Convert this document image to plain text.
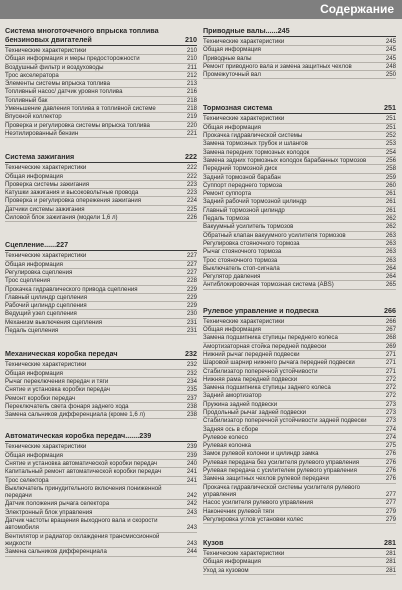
Содержание
Система многоточечного впрыска топлива бензиновых двигателей	210
Технические характеристики	210
Общая информация и меры предосторожности	210
Воздушный фильтр и воздуховоды	211
Трос акселератора	212
Элементы системы впрыска топлива	213
Топливный насос/ датчик уровня топлива	216
Топливный бак	218
Уменьшение давления топлива в топливной системе	218
Впускной коллектор	219
Проверка и регулировка системы впрыска топлива	220
Неэтилированный бензин	221
Система зажигания	222
Технические характеристики	222
Общая информация	222
Проверка системы зажигания	223
Катушки зажигания и высоковольтные провода	223
Проверка и регулировка опережения зажигания	224
Датчики системы зажигания	225
Силовой блок зажигания (модели 1,6 л)	226
Сцепление......227
Технические характеристики	227
Общая информация	227
Регулировка сцепления	227
Трос сцепления	228
Прокачка гидравлического привода сцепления	229
Главный цилиндр сцепления	229
Рабочий цилиндр сцепления	229
Ведущий узел сцепления	230
Механизм выключения сцепления	231
Педаль сцепления	231
Механическая коробка передач	232
Технические характеристики	232
Общая информация	232
Рычаг переключения передач и тяги	234
Снятие и установка коробки передач	235
Ремонт коробки передач	237
Переключатель света фонаря заднего хода	238
Замена сальников дифференциала (кроме 1,6 л)	238
Автоматическая коробка передач.......239
Технические характеристики	239
Общая информация	239
Снятие и установка автоматической коробки передач	240
Капитальный ремонт автоматической коробки передач	241
Трос селектора	241
Выключатель принудительного включения пониженной передачи	242
Датчик положения рычага селектора	242
Электронный блок управления	243
Датчик частоты вращения выходного вала и скорости автомобиля	243
Вентилятор и радиатор охлаждения трансмиссионной жидкости	243
Замена сальников дифференциала	244
Приводные валы......245
Технические характеристики	245
Общая информация	245
Приводные валы	245
Ремонт приводного вала и замена защитных чехлов	248
Промежуточный вал	250
Тормозная система	251
Технические характеристики	251
Общая информация	251
Прокачка гидравлической системы	252
Замена тормозных трубок и шлангов	253
Замена передних тормозных колодок	254
Замена задних тормозных колодок барабанных тормозов	256
Передний тормозной диск	258
Задний тормозной барабан	259
Суппорт переднего тормоза	260
Ремонт суппорта	261
Задний рабочий тормозной цилиндр	261
Главный тормозной цилиндр	261
Педаль тормоза	262
Вакуумный усилитель тормозов	262
Обратный клапан вакуумного усилителя тормозов	263
Регулировка стояночного тормоза	263
Рычаг стояночного тормоза	263
Трос стояночного тормоза	263
Выключатель стоп-сигнала	264
Регулятор давления	264
Антиблокировочная тормозная система (ABS)	265
Рулевое управление и подвеска	266
Технические характеристики	266
Общая информация	267
Замена подшипника ступицы переднего колеса	268
Амортизаторная стойка передней подвески	269
Нижний рычаг передней подвески	271
Шаровой шарнир нижнего рычага передней подвески	271
Стабилизатор поперечной устойчивости	271
Нижняя рама передней подвески	272
Замена подшипника ступицы заднего колеса	272
Задний амортизатор	272
Пружина задней подвески	273
Продольный рычаг задней подвески	273
Стабилизатор поперечной устойчивости задней подвески	273
Задняя ось в сборе	274
Рулевое колесо	274
Рулевая колонка	275
Замок рулевой колонки и цилиндр замка	276
Рулевая передача без усилителя рулевого управления	276
Рулевая передача с усилителем рулевого управления	276
Замена защитных чехлов рулевой передачи	276
Прокачка гидравлической системы усилителя рулевого управления	277
Насос усилителя рулевого управления	277
Наконечник рулевой тяги	279
Регулировка углов установки колес	279
Кузов	281
Технические характеристики	281
Общая информация	281
Уход за кузовом	281
